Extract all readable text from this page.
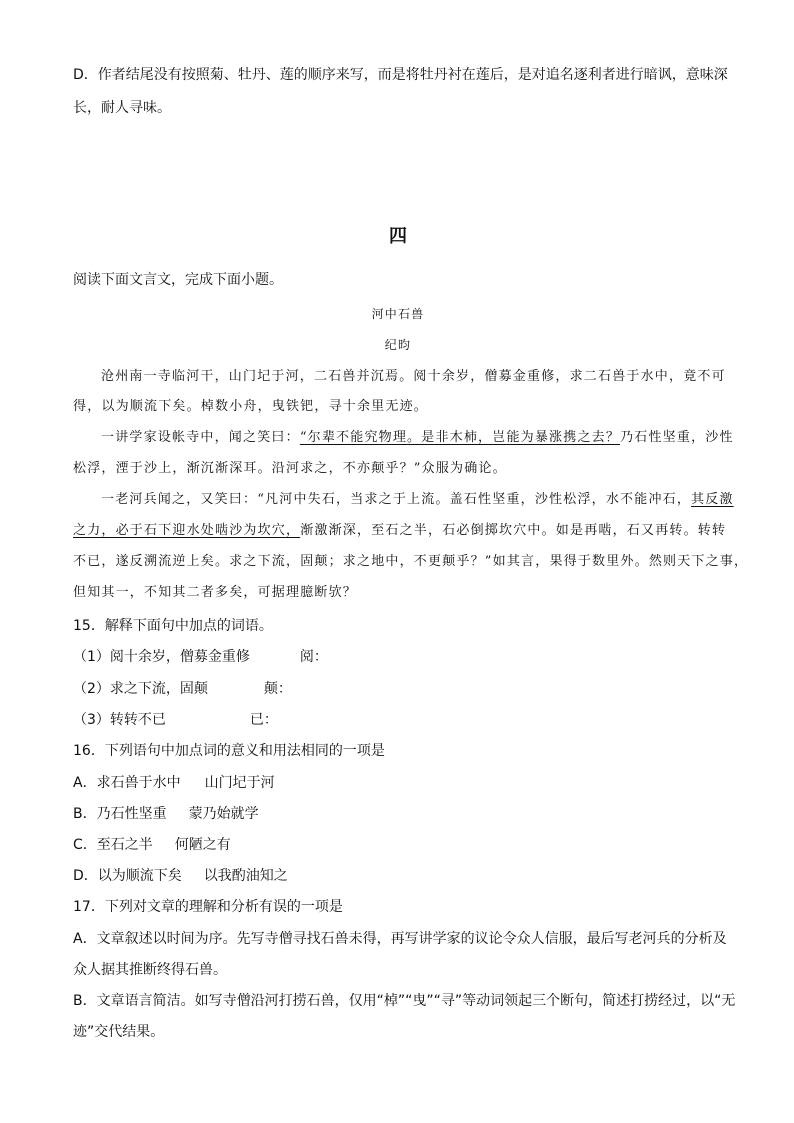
D．作者结尾没有按照菊、牡丹、莲的顺序来写，而是将牡丹衬在莲后，是对追名逐利者进行暗讽，意味深
长，耐人寻味。
四
阅读下面文言文，完成下面小题。
河中石兽
纪昀
沧州南一寺临河干，山门圮于河，二石兽并沉焉。阅十余岁，僧募金重修，求二石兽于水中，竟不可
得，以为顺流下矣。棹数小舟，曳铁钯，寻十余里无迹。
一讲学家设帐寺中，闻之笑曰：“尔辈不能究物理。是非木柿，岂能为暴涨携之去？乃石性坚重，沙性
松浮，湮于沙上，渐沉渐深耳。沿河求之，不亦颠乎？”众服为确论。
一老河兵闻之，又笑曰：“凡河中失石，当求之于上流。盖石性坚重，沙性松浮，水不能冲石，其反激
之力，必于石下迎水处啮沙为坎穴，渐激渐深，至石之半，石必倒掷坎穴中。如是再啮，石又再转。转转
不已，遂反溯流逆上矣。求之下流，固颠；求之地中，不更颠乎？”如其言，果得于数里外。然则天下之事，
但知其一，不知其二者多矣，可据理臆断欤？
15．解释下面句中加点的词语。
（1）阅十余岁，僧募金重修	阅：
（2）求之下流，固颠	颠：
（3）转转不已	已：
16．下列语句中加点词的意义和用法相同的一项是
A．求石兽于水中 山门圮于河
B．乃石性坚重 蒙乃始就学
C．至石之半 何陋之有
D．以为顺流下矣 以我酌油知之
17．下列对文章的理解和分析有误的一项是
A．文章叙述以时间为序。先写寺僧寻找石兽未得，再写讲学家的议论令众人信服，最后写老河兵的分析及
众人据其推断终得石兽。
B．文章语言简洁。如写寺僧沿河打捞石兽，仅用“棹”“曳”“寻”等动词领起三个断句，简述打捞经过，以“无
迹”交代结果。
